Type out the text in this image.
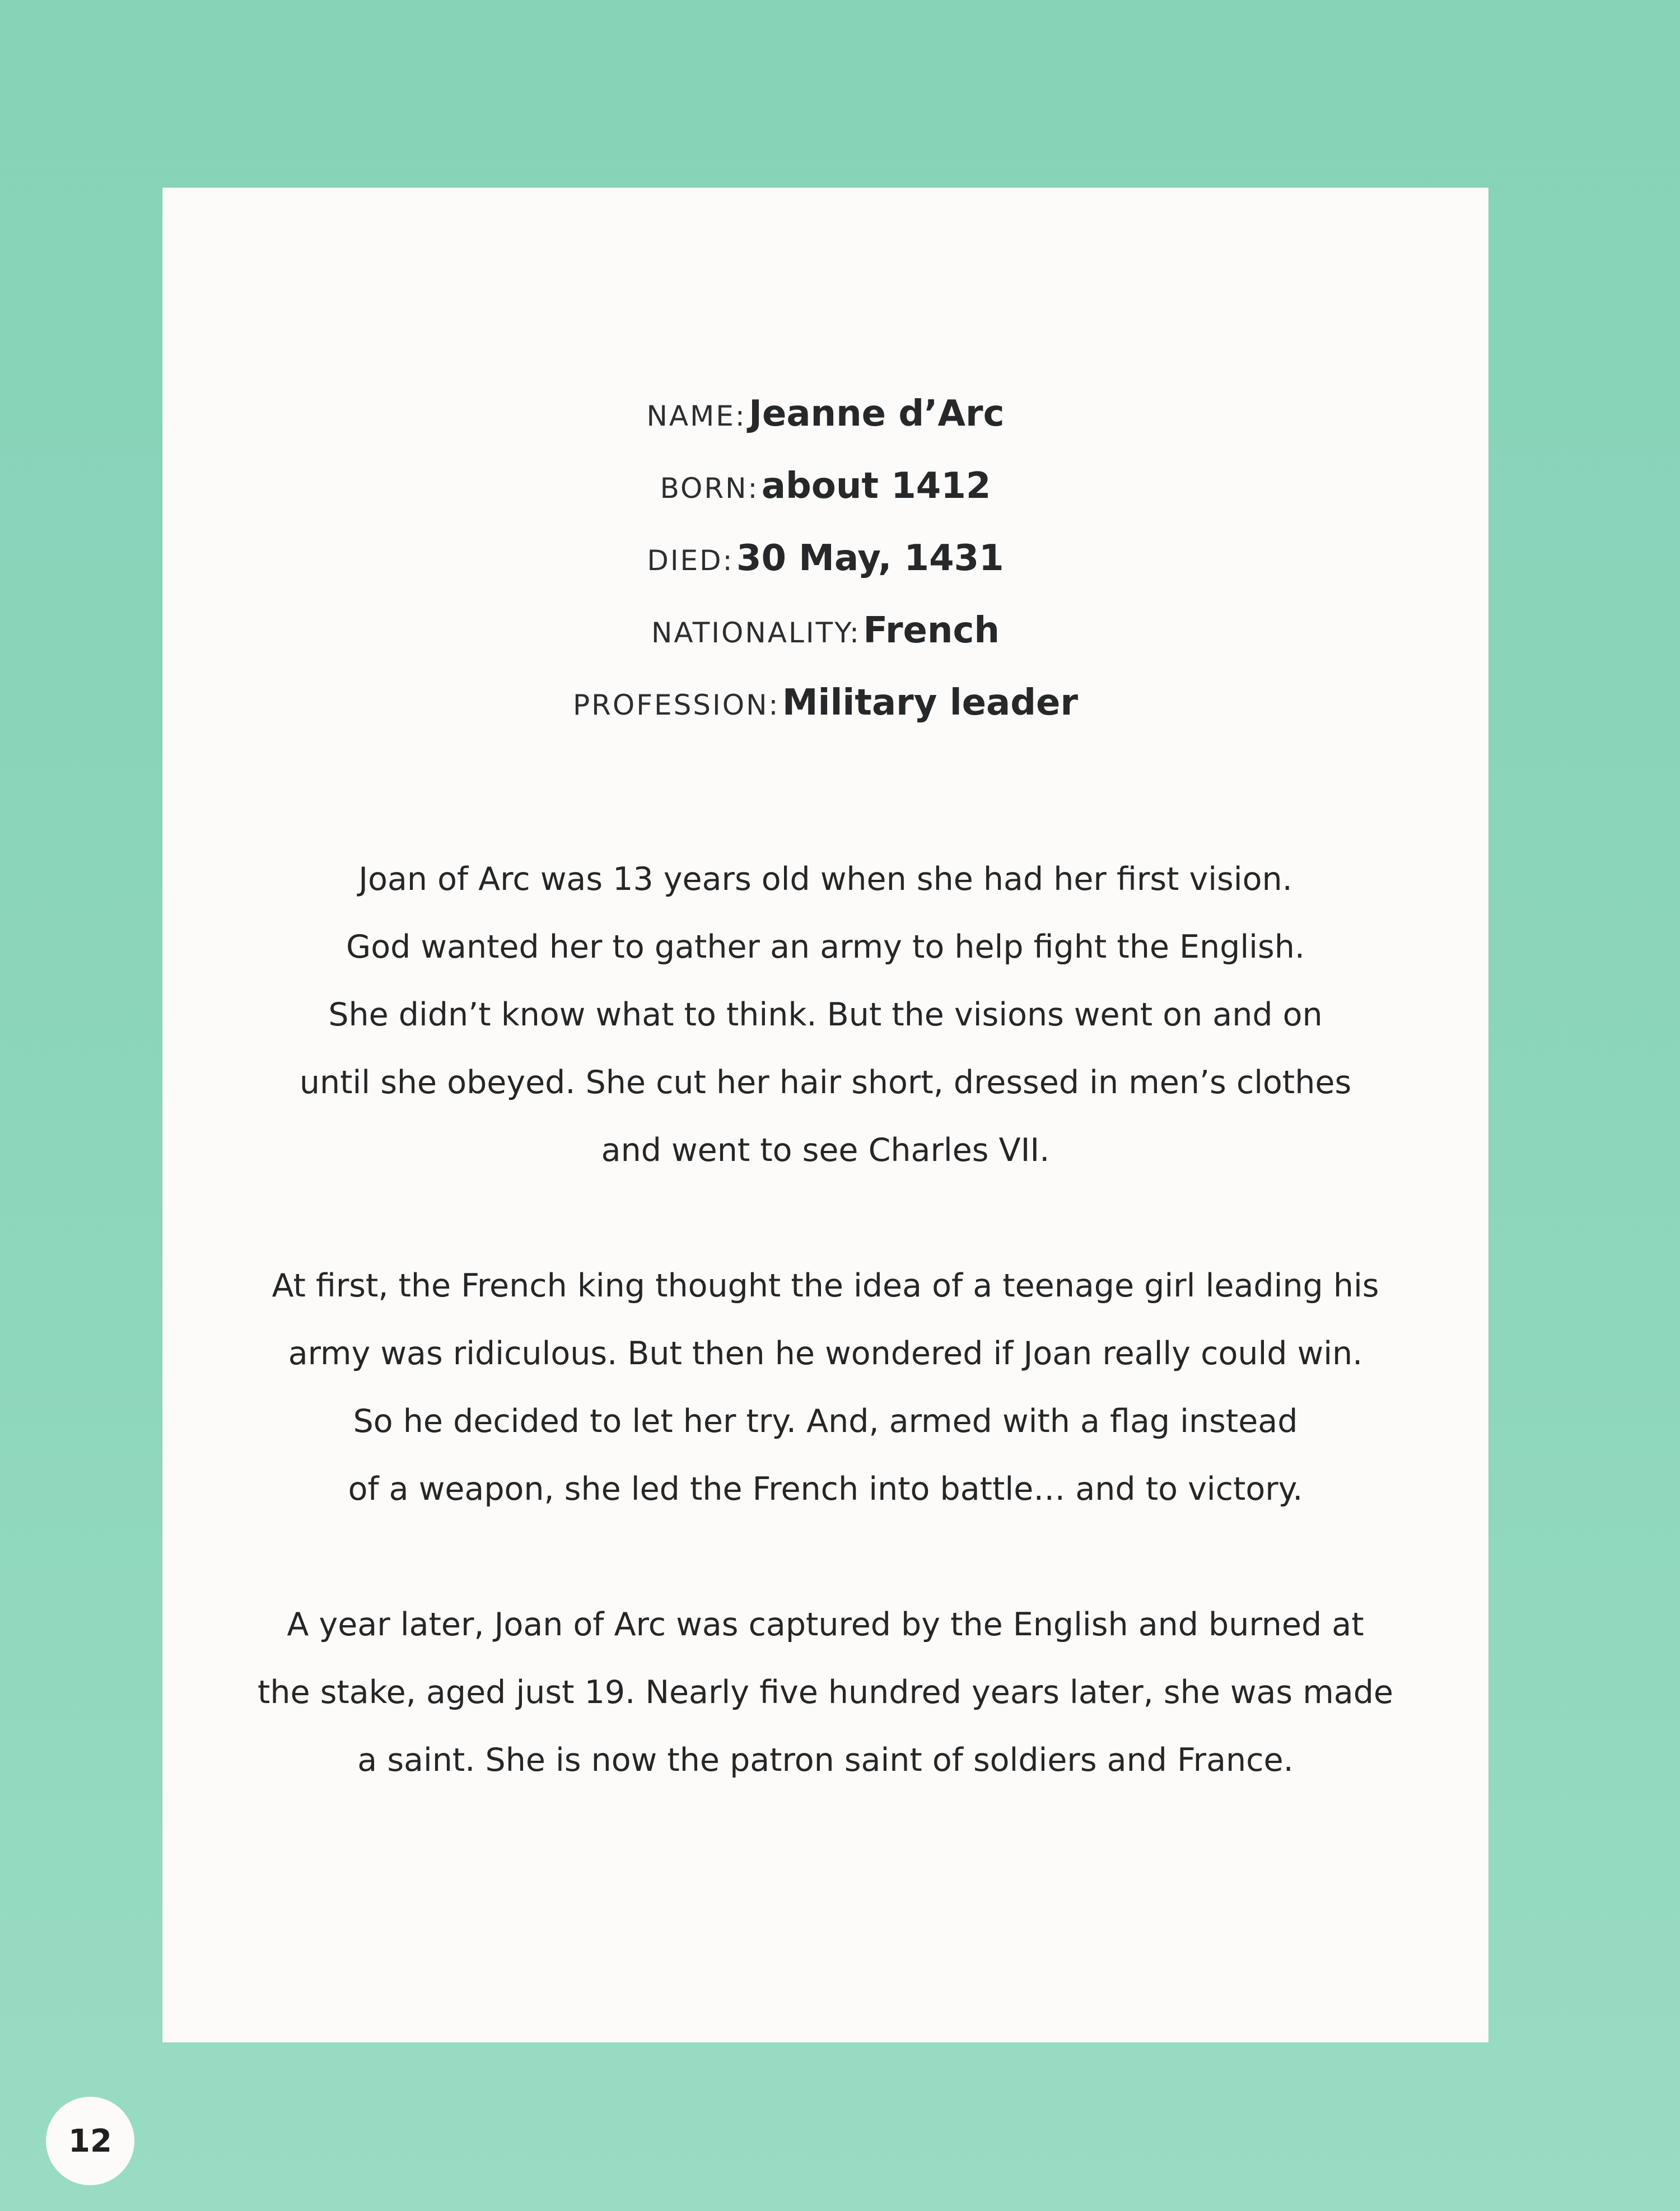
NAME: Jeanne d’Arc
BORN: about 1412
DIED: 30 May, 1431
NATIONALITY: French
PROFESSION: Military leader

Joan of Arc was 13 years old when she had her first vision.
God wanted her to gather an army to help fight the English.
She didn’t know what to think. But the visions went on and on
until she obeyed. She cut her hair short, dressed in men’s clothes
and went to see Charles VII.

At first, the French king thought the idea of a teenage girl leading his
army was ridiculous. But then he wondered if Joan really could win.
So he decided to let her try. And, armed with a flag instead
of a weapon, she led the French into battle… and to victory.

A year later, Joan of Arc was captured by the English and burned at
the stake, aged just 19. Nearly five hundred years later, she was made
a saint. She is now the patron saint of soldiers and France.

12
